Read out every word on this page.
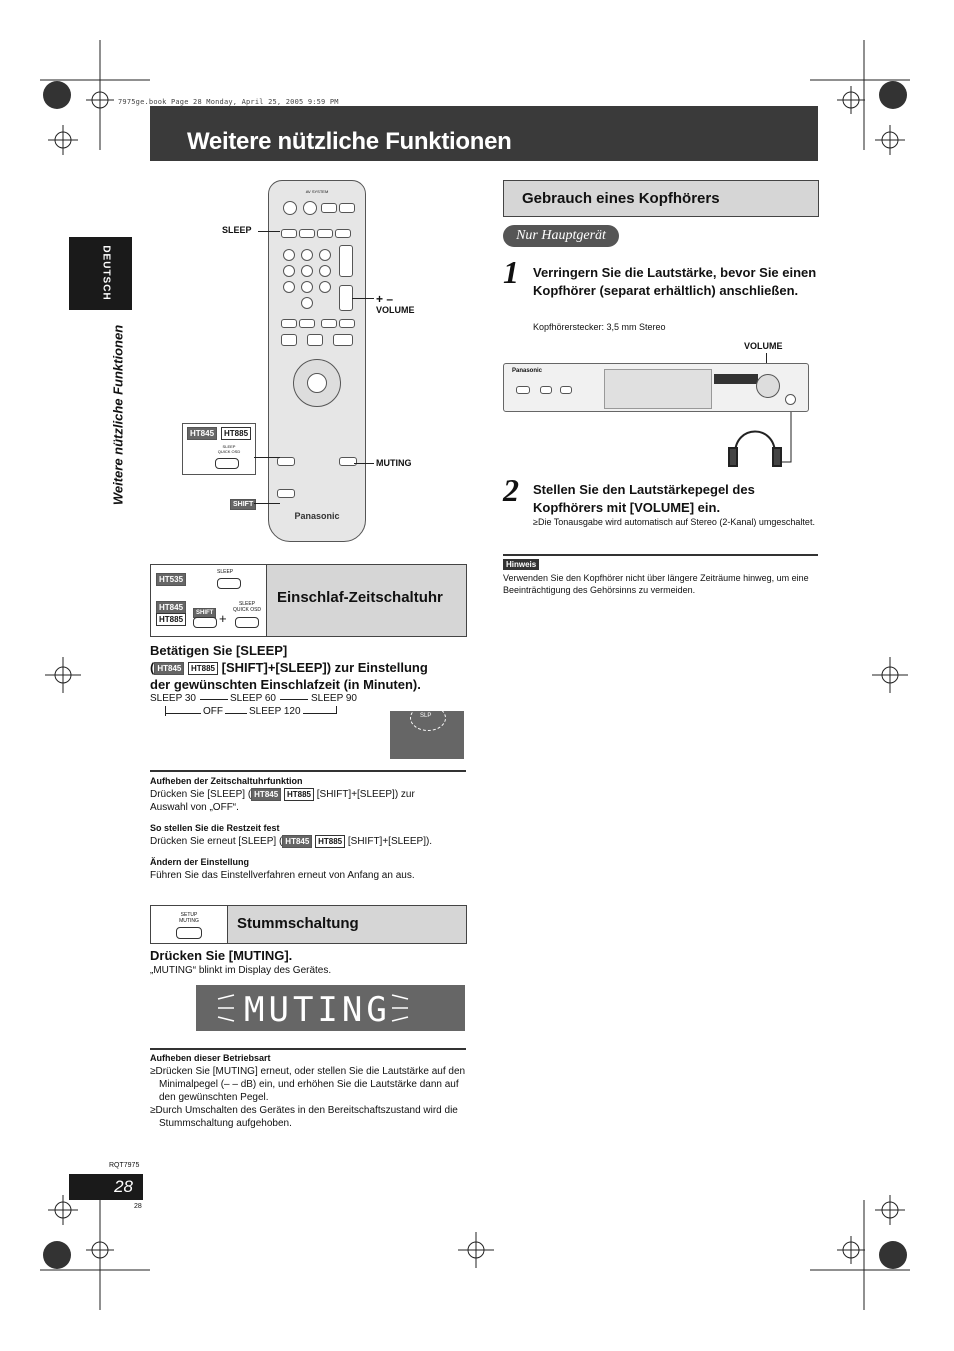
7975ge.book Page 28 Monday, April 25, 2005 9:59 PM
Weitere nützliche Funktionen
DEUTSCH
Weitere nützliche Funktionen
AV SYSTEM
Panasonic
SLEEP
+ –
VOLUME
MUTING
SHIFT
HT845	HT885
SLEEP
QUICK OSD
HT535
SLEEP
HT845
HT885
SHIFT +
SLEEP
QUICK OSD
Einschlaf-Zeitschaltuhr
Betätigen Sie [SLEEP]
( HT845 HT885 [SHIFT]+[SLEEP]) zur Einstellung
der gewünschten Einschlafzeit (in Minuten).
SLEEP 30	SLEEP 60	SLEEP 90
OFF	SLEEP 120	SLP
Aufheben der Zeitschaltuhrfunktion
Drücken Sie [SLEEP] ( HT845 HT885 [SHIFT]+[SLEEP]) zur
Auswahl von „OFF“.
So stellen Sie die Restzeit fest
Drücken Sie erneut [SLEEP] ( HT845 HT885 [SHIFT]+[SLEEP]).
Ändern der Einstellung
Führen Sie das Einstellverfahren erneut von Anfang an aus.
SETUP
MUTING	Stummschaltung
Drücken Sie [MUTING].
„MUTING“ blinkt im Display des Gerätes.
MUTING
Aufheben dieser Betriebsart
≥Drücken Sie [MUTING] erneut, oder stellen Sie die Lautstärke auf den Minimalpegel (– – dB) ein, und erhöhen Sie die Lautstärke dann auf den gewünschten Pegel.
≥Durch Umschalten des Gerätes in den Bereitschaftszustand wird die Stummschaltung aufgehoben.
Gebrauch eines Kopfhörers
Nur Hauptgerät
1 Verringern Sie die Lautstärke, bevor Sie einen Kopfhörer (separat erhältlich) anschließen.
Kopfhörerstecker: 3,5 mm Stereo
VOLUME
Panasonic
2 Stellen Sie den Lautstärkepegel des Kopfhörers mit [VOLUME] ein.
≥Die Tonausgabe wird automatisch auf Stereo (2-Kanal) umgeschaltet.
Hinweis
Verwenden Sie den Kopfhörer nicht über längere Zeiträume hinweg, um eine Beeinträchtigung des Gehörsinns zu vermeiden.
RQT7975
28
28
